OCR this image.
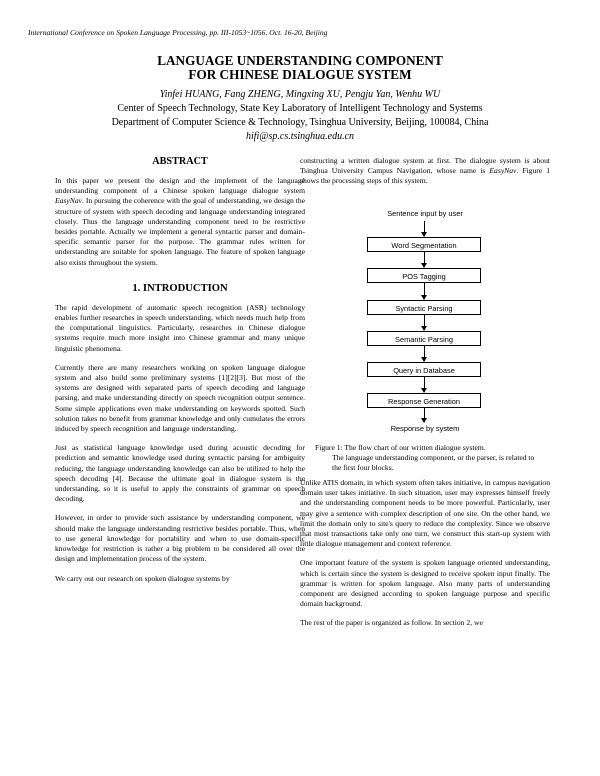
International Conference on Spoken Language Processing, pp. III-1053~1056, Oct. 16-20, Beijing
LANGUAGE UNDERSTANDING COMPONENT
FOR CHINESE DIALOGUE SYSTEM
Yinfei HUANG, Fang ZHENG, Mingxing XU, Pengju Yan, Wenhu WU
Center of Speech Technology, State Key Laboratory of Intelligent Technology and Systems
Department of Computer Science & Technology, Tsinghua University, Beijing, 100084, China
hifi@sp.cs.tsinghua.edu.cn

ABSTRACT

In this paper we present the design and the implement of the language understanding component of a Chinese spoken language dialogue system EasyNav. In pursuing the coherence with the goal of understanding, we design the structure of system with speech decoding and language understanding integrated closely. Thus the language understanding component need to be restrictive besides portable. Actually we implement a general syntactic parser and domain-specific semantic parser for the purpose. The grammar rules written for understanding are suitable for spoken language. The feature of spoken language also exists throughout the system.

1. INTRODUCTION

The rapid development of automatic speech recognition (ASR) technology enables further researches in speech understanding, which needs much help from the computational linguistics. Particularly, researches in Chinese dialogue systems require much more insight into Chinese grammar and many unique linguistic phenomena.

Currently there are many researchers working on spoken language dialogue system and also build some preliminary systems [1][2][3]. But most of the systems are designed with separated parts of speech decoding and language parsing, and make understanding directly on speech recognition output sentence. Some simple applications even make understanding on keywords spotted. Such solution takes no benefit from grammar knowledge and only cumulates the errors induced by speech recognition and language understanding.

Just as statistical language knowledge used during acoustic decoding for prediction and semantic knowledge used during syntactic parsing for ambiguity reducing, the language understanding knowledge can also be utilized to help the speech decoding [4]. Because the ultimate goal in dialogue system is the understanding, so it is useful to apply the constraints of grammar on speech decoding.

However, in order to provide such assistance by understanding component, we should make the language understanding restrictive besides portable. Thus, when to use general knowledge for portability and when to use domain-specific knowledge for restriction is rather a big problem to be considered all over the design and implementation process of the system.

We carry out our research on spoken dialogue systems by

constructing a written dialogue system at first. The dialogue system is about Tsinghua University Campus Navigation, whose name is EasyNav. Figure 1 shows the processing steps of this system.

Sentence input by user
Word Segmentation
POS Tagging
Syntactic Parsing
Semantic Parsing
Query in Database
Response Generation
Response by system
Figure 1: The flow chart of our written dialogue system.
The language understanding component, or the parser, is related to the first four blocks.

Unlike ATIS domain, in which system often takes initiative, in campus navigation domain user takes initiative. In such situation, user may expresses himself freely and the understanding component needs to be more powerful. Particularly, user may give a sentence with complex description of one site. On the other hand, we limit the domain only to site's query to reduce the complexity. Since we observe that most transactions take only one turn, we construct this start-up system with little dialogue management and context reference.

One important feature of the system is spoken language oriented understanding, which is certain since the system is designed to receive spoken input finally. The grammar is written for spoken language. Also many parts of understanding component are designed according to spoken language purpose and specific domain background.

The rest of the paper is organized as follow. In section 2, we
